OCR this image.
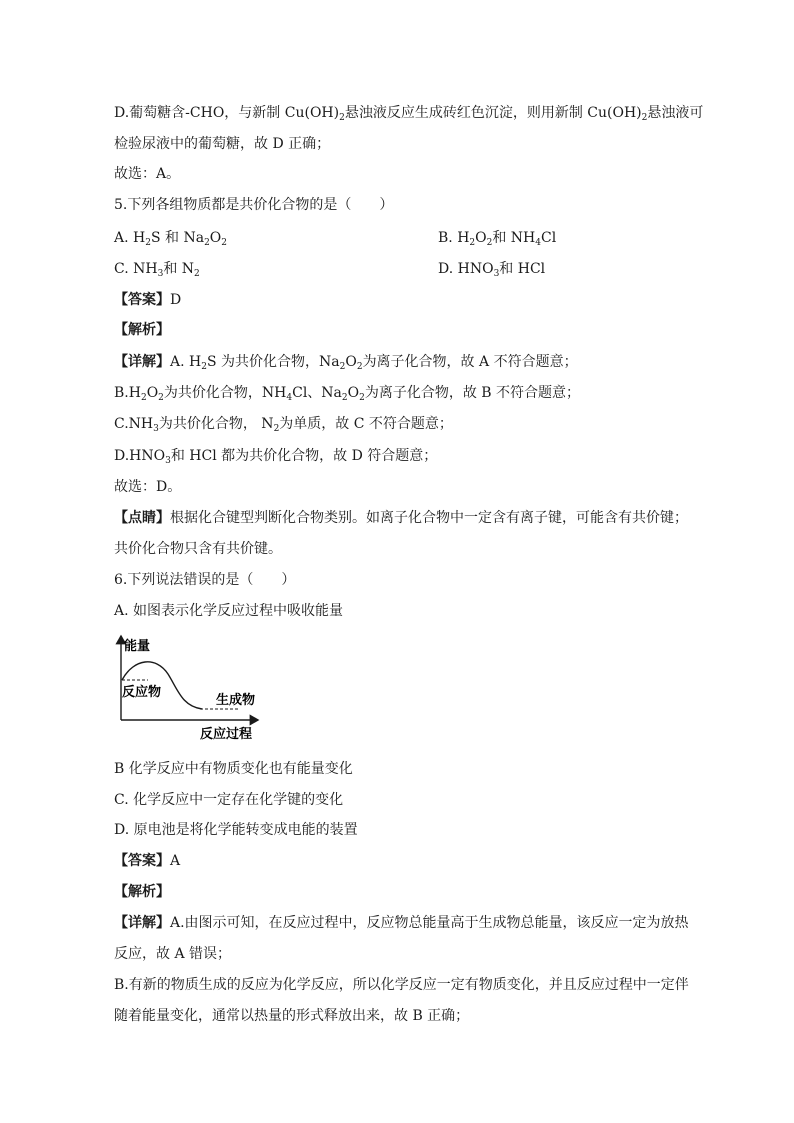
D.葡萄糖含-CHO，与新制 $Cu(OH)_2$悬浊液反应生成砖红色沉淀，则用新制 $Cu(OH)_2$悬浊液可
检验尿液中的葡萄糖，故 D 正确；
故选：A。
5.下列各组物质都是共价化合物的是（　　）
A. $H_2S$ 和 $Na_2O_2$	B. $H_2O_2$和 $NH_4Cl$
C. $NH_3$和 $N_2$	D. $HNO_3$和 HCl
【答案】D
【解析】
【详解】A. $H_2S$ 为共价化合物，$Na_2O_2$为离子化合物，故 A 不符合题意；
$B.H_2O_2$为共价化合物，$NH_4Cl$、$Na_2O_2$为离子化合物，故 B 不符合题意；
$C.NH_3$为共价化合物， $N_2$为单质，故 C 不符合题意；
$D.HNO_3$和 HCl 都为共价化合物，故 D 符合题意；
故选：D。
【点睛】根据化合键型判断化合物类别。如离子化合物中一定含有离子键，可能含有共价键；
共价化合物只含有共价键。
6.下列说法错误的是（　　）
A. 如图表示化学反应过程中吸收能量
能量
反应物
生成物
反应过程
B 化学反应中有物质变化也有能量变化
C. 化学反应中一定存在化学键的变化
D. 原电池是将化学能转变成电能的装置
【答案】A
【解析】
【详解】A.由图示可知，在反应过程中，反应物总能量高于生成物总能量，该反应一定为放热
反应，故 A 错误；
B.有新的物质生成的反应为化学反应，所以化学反应一定有物质变化，并且反应过程中一定伴
随着能量变化，通常以热量的形式释放出来，故 B 正确；
